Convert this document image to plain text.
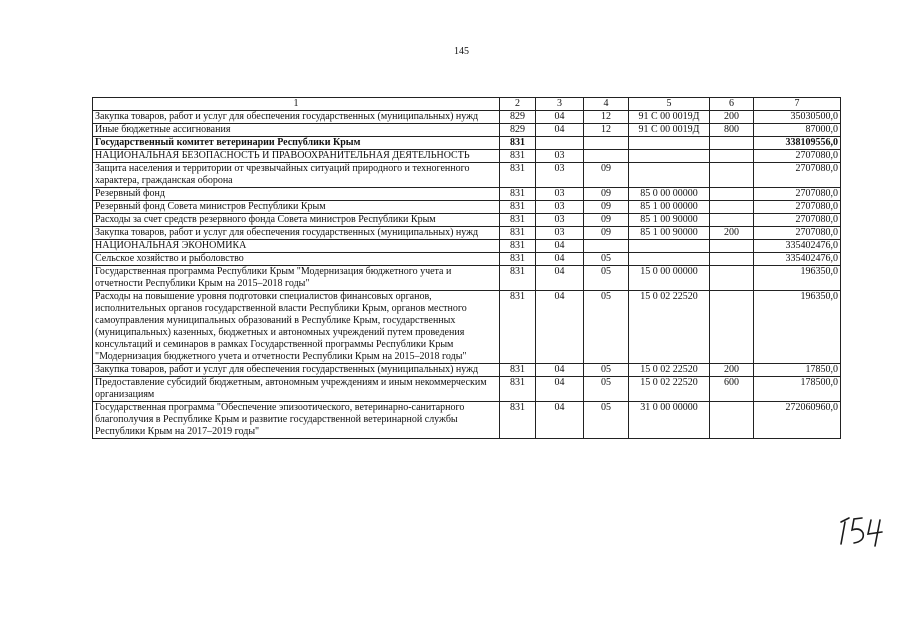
145
1	2	3	4	5	6	7
Закупка товаров, работ и услуг для обеспечения государственных (муниципальных) нужд	829	04	12	91 С 00 0019Д	200	35030500,0
Иные бюджетные ассигнования	829	04	12	91 С 00 0019Д	800	87000,0
Государственный комитет ветеринарии Республики Крым	831					338109556,0
НАЦИОНАЛЬНАЯ БЕЗОПАСНОСТЬ И ПРАВООХРАНИТЕЛЬНАЯ ДЕЯТЕЛЬНОСТЬ	831	03				2707080,0
Защита населения и территории от чрезвычайных ситуаций природного и техногенного характера, гражданская оборона	831	03	09			2707080,0
Резервный фонд	831	03	09	85 0 00 00000		2707080,0
Резервный фонд Совета министров Республики Крым	831	03	09	85 1 00 00000		2707080,0
Расходы за счет средств резервного фонда Совета министров Республики Крым	831	03	09	85 1 00 90000		2707080,0
Закупка товаров, работ и услуг для обеспечения государственных (муниципальных) нужд	831	03	09	85 1 00 90000	200	2707080,0
НАЦИОНАЛЬНАЯ ЭКОНОМИКА	831	04				335402476,0
Сельское хозяйство и рыболовство	831	04	05			335402476,0
Государственная программа Республики Крым "Модернизация бюджетного учета и отчетности Республики Крым на 2015–2018 годы"	831	04	05	15 0 00 00000		196350,0
Расходы на повышение уровня подготовки специалистов финансовых органов, исполнительных органов государственной власти Республики Крым, органов местного самоуправления муниципальных образований в Республике Крым, государственных (муниципальных) казенных, бюджетных и автономных учреждений путем проведения консультаций и семинаров в рамках Государственной программы Республики Крым "Модернизация бюджетного учета и отчетности Республики Крым на 2015–2018 годы"	831	04	05	15 0 02 22520		196350,0
Закупка товаров, работ и услуг для обеспечения государственных (муниципальных) нужд	831	04	05	15 0 02 22520	200	17850,0
Предоставление субсидий бюджетным, автономным учреждениям и иным некоммерческим организациям	831	04	05	15 0 02 22520	600	178500,0
Государственная программа "Обеспечение эпизоотического, ветеринарно-санитарного благополучия в Республике Крым и развитие государственной ветеринарной службы Республики Крым на 2017–2019 годы"	831	04	05	31 0 00 00000		272060960,0
